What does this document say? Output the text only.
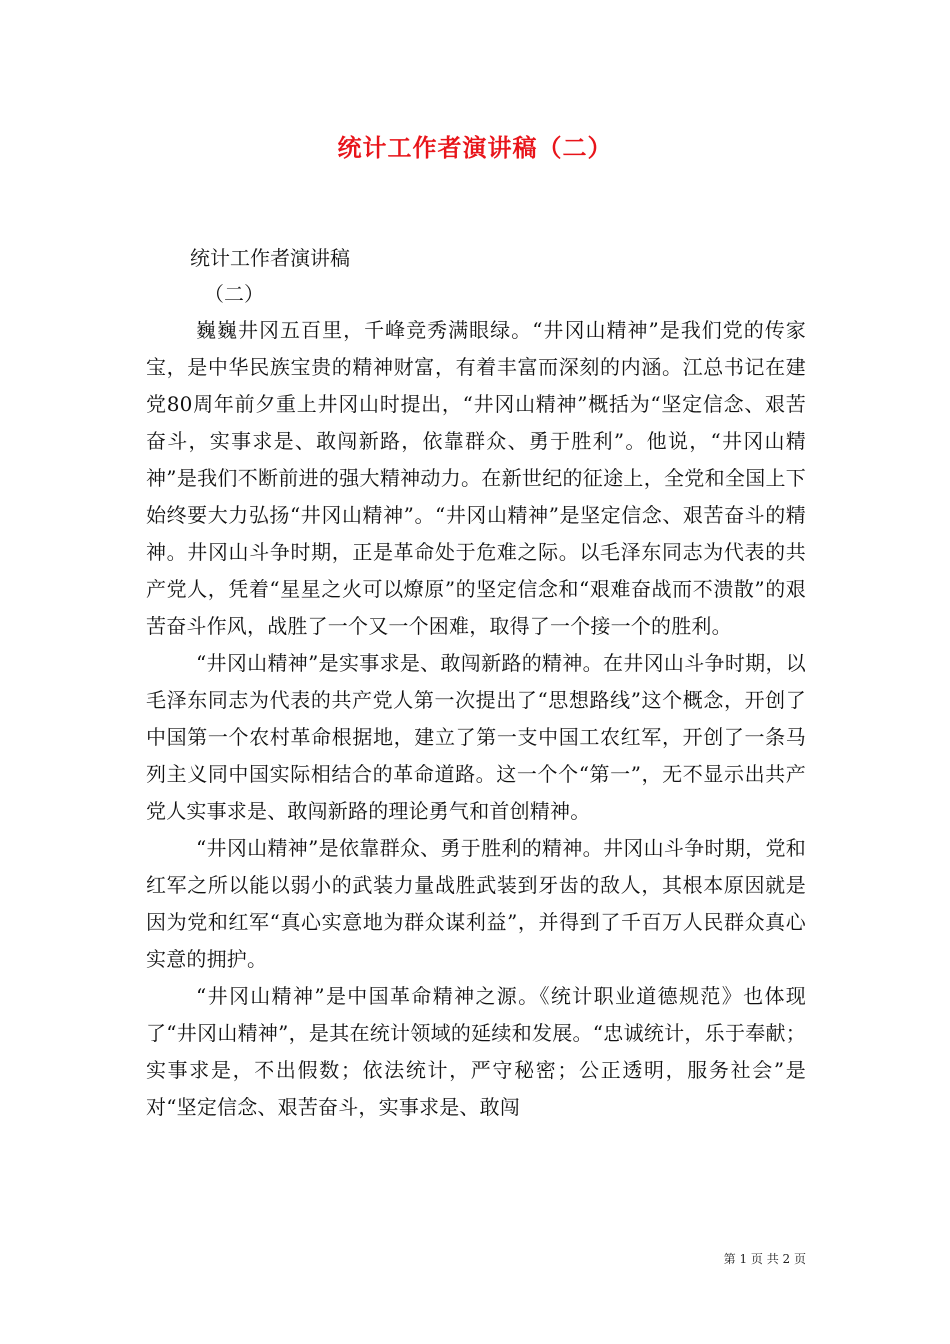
统计工作者演讲稿（二）
统计工作者演讲稿
（二）

巍巍井冈五百里，千峰竞秀满眼绿。“井冈山精神”是我们党的传家宝，是中华民族宝贵的精神财富，有着丰富而深刻的内涵。江总书记在建党80周年前夕重上井冈山时提出，“井冈山精神”概括为“坚定信念、艰苦奋斗，实事求是、敢闯新路，依靠群众、勇于胜利”。他说，“井冈山精神”是我们不断前进的强大精神动力。在新世纪的征途上，全党和全国上下始终要大力弘扬“井冈山精神”。“井冈山精神”是坚定信念、艰苦奋斗的精神。井冈山斗争时期，正是革命处于危难之际。以毛泽东同志为代表的共产党人，凭着“星星之火可以燎原”的坚定信念和“艰难奋战而不溃散”的艰苦奋斗作风，战胜了一个又一个困难，取得了一个接一个的胜利。

“井冈山精神”是实事求是、敢闯新路的精神。在井冈山斗争时期，以毛泽东同志为代表的共产党人第一次提出了“思想路线”这个概念，开创了中国第一个农村革命根据地，建立了第一支中国工农红军，开创了一条马列主义同中国实际相结合的革命道路。这一个个“第一”，无不显示出共产党人实事求是、敢闯新路的理论勇气和首创精神。

“井冈山精神”是依靠群众、勇于胜利的精神。井冈山斗争时期，党和红军之所以能以弱小的武装力量战胜武装到牙齿的敌人，其根本原因就是因为党和红军“真心实意地为群众谋利益”，并得到了千百万人民群众真心实意的拥护。

“井冈山精神”是中国革命精神之源。《统计职业道德规范》也体现了“井冈山精神”，是其在统计领域的延续和发展。“忠诚统计，乐于奉献；实事求是，不出假数；依法统计，严守秘密；公正透明，服务社会”是对“坚定信念、艰苦奋斗，实事求是、敢闯

第 1 页 共 2 页
